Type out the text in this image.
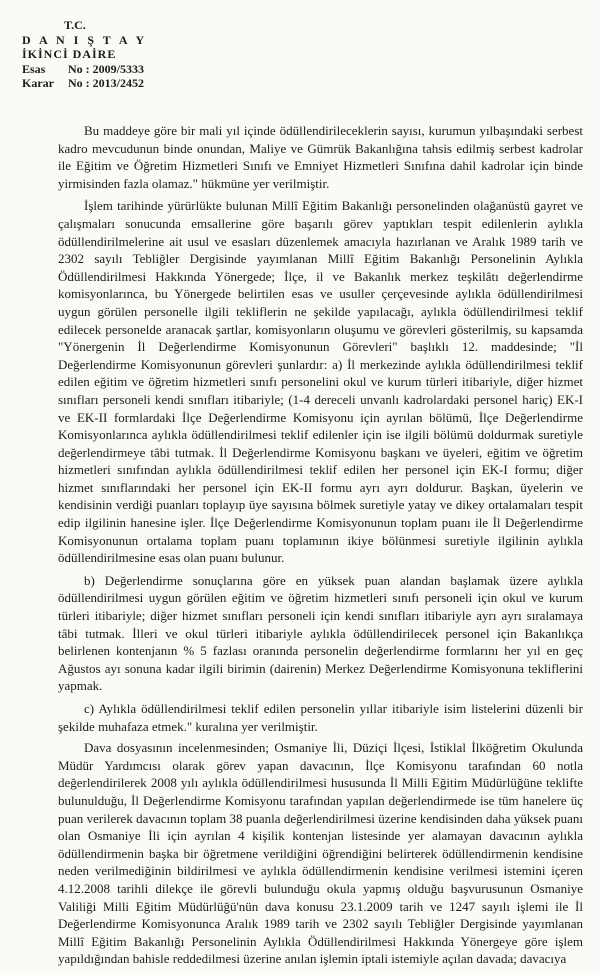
T.C.
D A N I Ş T A Y
İKİNCİ DAİRE
Esas No : 2009/5333
Karar No : 2013/2452

Bu maddeye göre bir mali yıl içinde ödüllendirileceklerin sayısı, kurumun yılbaşındaki serbest kadro mevcudunun binde onundan, Maliye ve Gümrük Bakanlığına tahsis edilmiş serbest kadrolar ile Eğitim ve Öğretim Hizmetleri Sınıfı ve Emniyet Hizmetleri Sınıfına dahil kadrolar için binde yirmisinden fazla olamaz." hükmüne yer verilmiştir.

İşlem tarihinde yürürlükte bulunan Millî Eğitim Bakanlığı personelinden olağanüstü gayret ve çalışmaları sonucunda emsallerine göre başarılı görev yaptıkları tespit edilenlerin aylıkla ödüllendirilmelerine ait usul ve esasları düzenlemek amacıyla hazırlanan ve Aralık 1989 tarih ve 2302 sayılı Tebliğler Dergisinde yayımlanan Millî Eğitim Bakanlığı Personelinin Aylıkla Ödüllendirilmesi Hakkında Yönergede; İlçe, il ve Bakanlık merkez teşkilâtı değerlendirme komisyonlarınca, bu Yönergede belirtilen esas ve usuller çerçevesinde aylıkla ödüllendirilmesi uygun görülen personelle ilgili tekliflerin ne şekilde yapılacağı, aylıkla ödüllendirilmesi teklif edilecek personelde aranacak şartlar, komisyonların oluşumu ve görevleri gösterilmiş, su kapsamda "Yönergenin İl Değerlendirme Komisyonunun Görevleri" başlıklı 12. maddesinde; "İl Değerlendirme Komisyonunun görevleri şunlardır: a) İl merkezinde aylıkla ödüllendirilmesi teklif edilen eğitim ve öğretim hizmetleri sınıfı personelini okul ve kurum türleri itibariyle, diğer hizmet sınıfları personeli kendi sınıfları itibariyle; (1-4 dereceli unvanlı kadrolardaki personel hariç) EK-I ve EK-II formlardaki İlçe Değerlendirme Komisyonu için ayrılan bölümü, İlçe Değerlendirme Komisyonlarınca aylıkla ödüllendirilmesi teklif edilenler için ise ilgili bölümü doldurmak suretiyle değerlendirmeye tâbi tutmak. İl Değerlendirme Komisyonu başkanı ve üyeleri, eğitim ve öğretim hizmetleri sınıfından aylıkla ödüllendirilmesi teklif edilen her personel için EK-I formu; diğer hizmet sınıflarındaki her personel için EK-II formu ayrı ayrı doldurur. Başkan, üyelerin ve kendisinin verdiği puanları toplayıp üye sayısına bölmek suretiyle yatay ve dikey ortalamaları tespit edip ilgilinin hanesine işler. İlçe Değerlendirme Komisyonunun toplam puanı ile İl Değerlendirme Komisyonunun ortalama toplam puanı toplamının ikiye bölünmesi suretiyle ilgilinin aylıkla ödüllendirilmesine esas olan puanı bulunur.

b) Değerlendirme sonuçlarına göre en yüksek puan alandan başlamak üzere aylıkla ödüllendirilmesi uygun görülen eğitim ve öğretim hizmetleri sınıfı personeli için okul ve kurum türleri itibariyle; diğer hizmet sınıfları personeli için kendi sınıfları itibariyle ayrı ayrı sıralamaya tâbi tutmak. İlleri ve okul türleri itibariyle aylıkla ödüllendirilecek personel için Bakanlıkça belirlenen kontenjanın % 5 fazlası oranında personelin değerlendirme formlarını her yıl en geç Ağustos ayı sonuna kadar ilgili birimin (dairenin) Merkez Değerlendirme Komisyonuna tekliflerini yapmak.

c) Aylıkla ödüllendirilmesi teklif edilen personelin yıllar itibariyle isim listelerini düzenli bir şekilde muhafaza etmek." kuralına yer verilmiştir.

Dava dosyasının incelenmesinden; Osmaniye İli, Düziçi İlçesi, İstiklal İlköğretim Okulunda Müdür Yardımcısı olarak görev yapan davacının, İlçe Komisyonu tarafından 60 notla değerlendirilerek 2008 yılı aylıkla ödüllendirilmesi hususunda İl Milli Eğitim Müdürlüğüne teklifte bulunulduğu, İl Değerlendirme Komisyonu tarafından yapılan değerlendirmede ise tüm hanelere üç puan verilerek davacının toplam 38 puanla değerlendirilmesi üzerine kendisinden daha yüksek puanı olan Osmaniye İli için ayrılan 4 kişilik kontenjan listesinde yer alamayan davacının aylıkla ödüllendirmenin başka bir öğretmene verildiğini öğrendiğini belirterek ödüllendirmenin kendisine neden verilmediğinin bildirilmesi ve aylıkla ödüllendirmenin kendisine verilmesi istemini içeren 4.12.2008 tarihli dilekçe ile görevli bulunduğu okula yapmış olduğu başvurusunun Osmaniye Valiliği Milli Eğitim Müdürlüğü'nün dava konusu 23.1.2009 tarih ve 1247 sayılı işlemi ile İl Değerlendirme Komisyonunca Aralık 1989 tarih ve 2302 sayılı Tebliğler Dergisinde yayımlanan Millî Eğitim Bakanlığı Personelinin Aylıkla Ödüllendirilmesi Hakkında Yönergeye göre işlem yapıldığından bahisle reddedilmesi üzerine anılan işlemin iptali istemiyle açılan davada; davacıya
